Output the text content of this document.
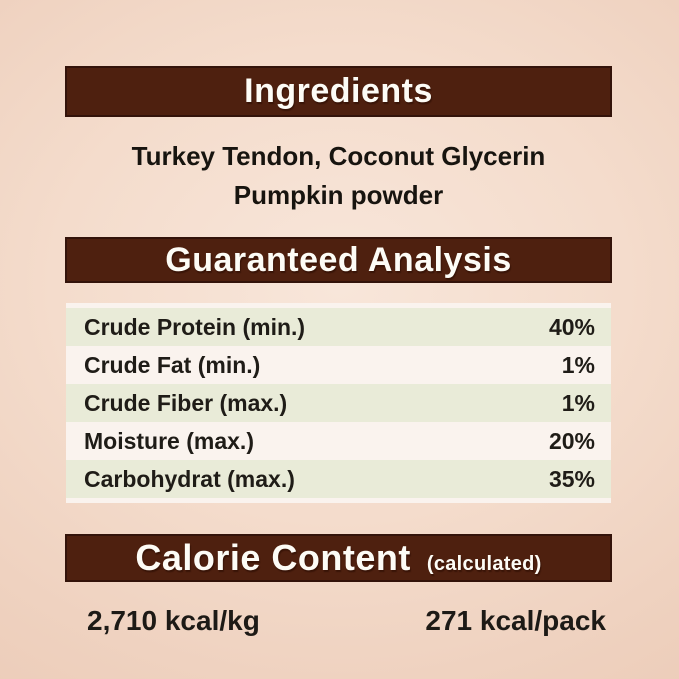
Ingredients
Turkey Tendon, Coconut Glycerin
Pumpkin powder
Guaranteed Analysis
Crude Protein (min.)	40%
Crude Fat (min.)	1%
Crude Fiber (max.)	1%
Moisture (max.)	20%
Carbohydrat (max.)	35%
Calorie Content (calculated)
2,710 kcal/kg	271 kcal/pack
